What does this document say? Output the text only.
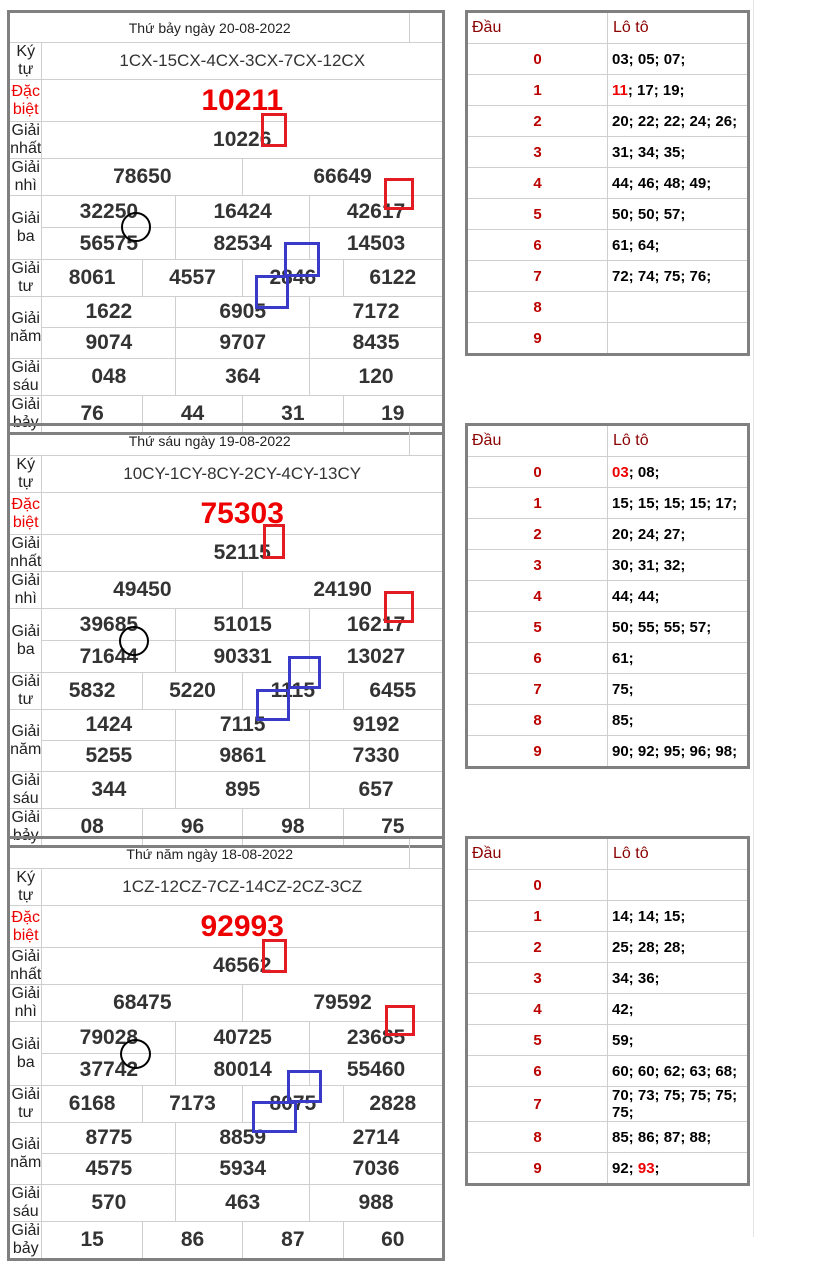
Thứ bảy ngày 20-08-2022						
Ký tự	1CX-15CX-4CX-3CX-7CX-12CX					
Đặc biệt	10211					
Giải nhất	10226					
Giải nhì	78650			66649		
Giải ba	32250		16424		42617	
	56575		82534		14503	
Giải tư	8061	4557		2846		6122
Giải năm	1622		6905		7172	
	9074		9707		8435	
Giải sáu	048		364		120	
Giải bảy	76	44		31		19
Thứ sáu ngày 19-08-2022						
Ký tự	10CY-1CY-8CY-2CY-4CY-13CY					
Đặc biệt	75303					
Giải nhất	52115					
Giải nhì	49450			24190		
Giải ba	39685		51015		16217	
	71644		90331		13027	
Giải tư	5832	5220		1115		6455
Giải năm	1424		7115		9192	
	5255		9861		7330	
Giải sáu	344		895		657	
Giải bảy	08	96		98		75
Thứ năm ngày 18-08-2022						
Ký tự	1CZ-12CZ-7CZ-14CZ-2CZ-3CZ					
Đặc biệt	92993					
Giải nhất	46562					
Giải nhì	68475			79592		
Giải ba	79028		40725		23685	
	37742		80014		55460	
Giải tư	6168	7173		8075		2828
Giải năm	8775		8859		2714	
	4575		5934		7036	
Giải sáu	570		463		988	
Giải bảy	15	86		87		60
Đầu	Lô tô
0	03; 05; 07;
1	11; 17; 19;
2	20; 22; 22; 24; 26;
3	31; 34; 35;
4	44; 46; 48; 49;
5	50; 50; 57;
6	61; 64;
7	72; 74; 75; 76;
8	
9	
Đầu	Lô tô
0	03; 08;
1	15; 15; 15; 15; 17;
2	20; 24; 27;
3	30; 31; 32;
4	44; 44;
5	50; 55; 55; 57;
6	61;
7	75;
8	85;
9	90; 92; 95; 96; 98;
Đầu	Lô tô
0	
1	14; 14; 15;
2	25; 28; 28;
3	34; 36;
4	42;
5	59;
6	60; 60; 62; 63; 68;
7	70; 73; 75; 75; 75; 75;
8	85; 86; 87; 88;
9	92; 93;
